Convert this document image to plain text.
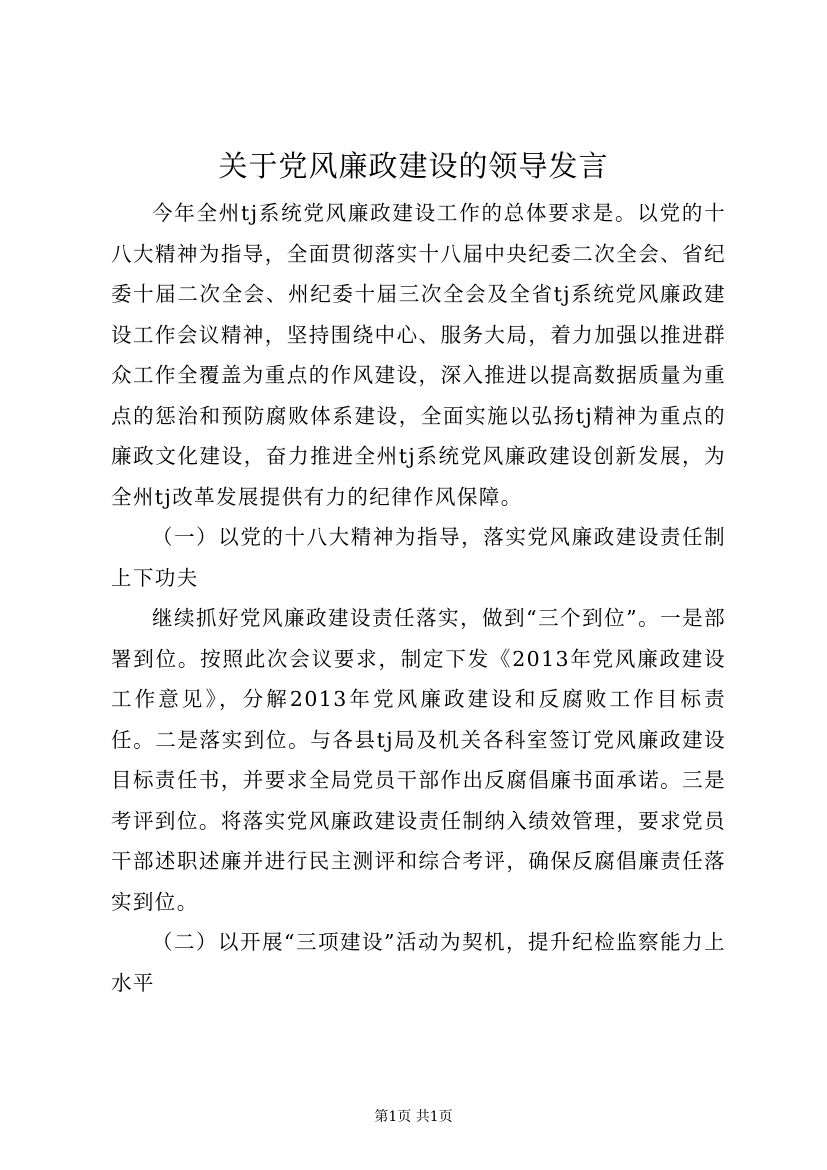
关于党风廉政建设的领导发言

今年全州tj系统党风廉政建设工作的总体要求是。以党的十八大精神为指导，全面贯彻落实十八届中央纪委二次全会、省纪委十届二次全会、州纪委十届三次全会及全省tj系统党风廉政建设工作会议精神，坚持围绕中心、服务大局，着力加强以推进群众工作全覆盖为重点的作风建设，深入推进以提高数据质量为重点的惩治和预防腐败体系建设，全面实施以弘扬tj精神为重点的廉政文化建设，奋力推进全州tj系统党风廉政建设创新发展，为全州tj改革发展提供有力的纪律作风保障。

（一）以党的十八大精神为指导，落实党风廉政建设责任制上下功夫

继续抓好党风廉政建设责任落实，做到“三个到位”。一是部署到位。按照此次会议要求，制定下发《2013年党风廉政建设工作意见》，分解2013年党风廉政建设和反腐败工作目标责任。二是落实到位。与各县tj局及机关各科室签订党风廉政建设目标责任书，并要求全局党员干部作出反腐倡廉书面承诺。三是考评到位。将落实党风廉政建设责任制纳入绩效管理，要求党员干部述职述廉并进行民主测评和综合考评，确保反腐倡廉责任落实到位。

（二）以开展“三项建设”活动为契机，提升纪检监察能力上水平

第1页 共1页
